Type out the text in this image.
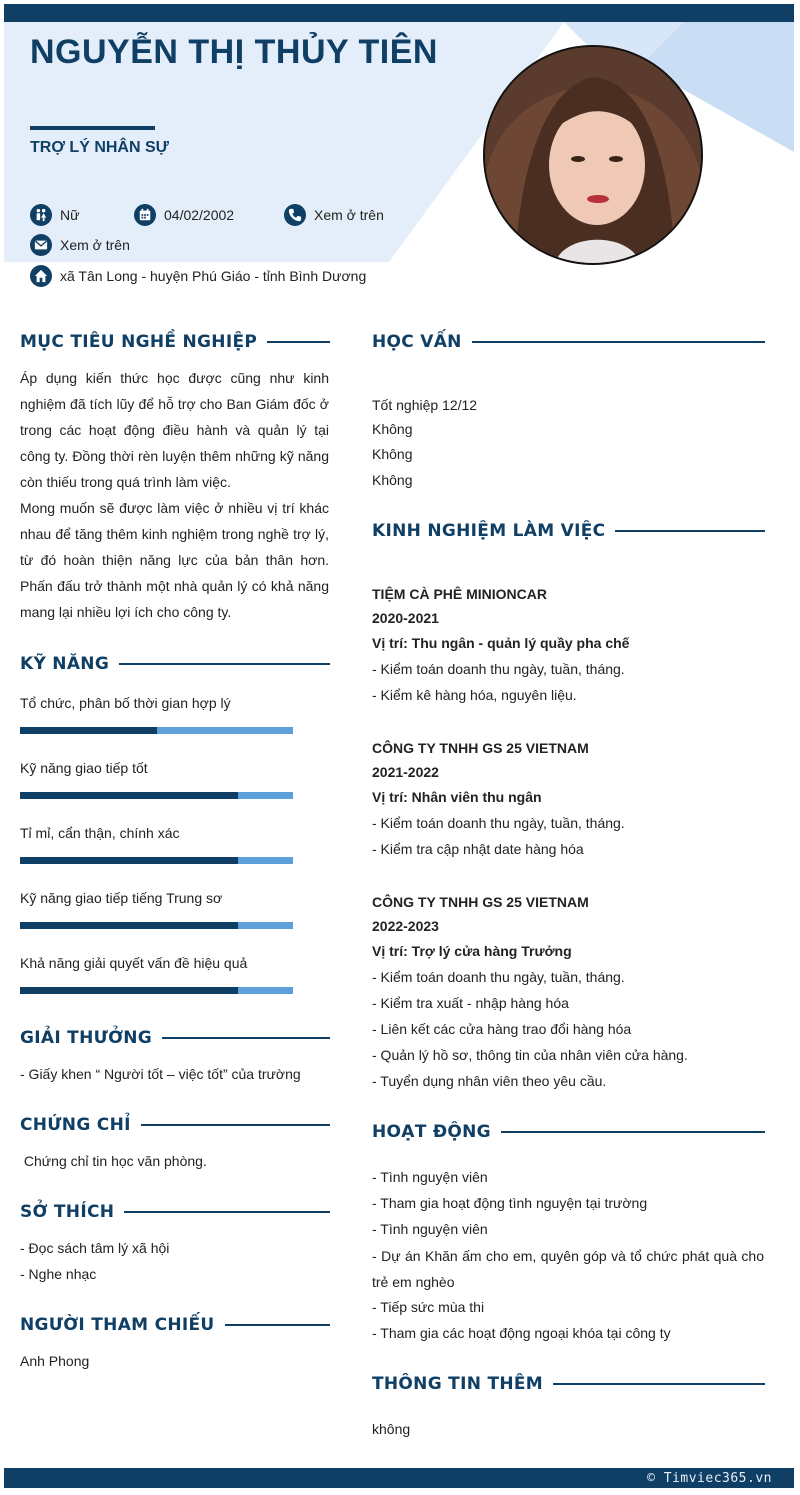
NGUYỄN THỊ THỦY TIÊN
TRỢ LÝ NHÂN SỰ
Nữ	04/02/2002	Xem ở trên
Xem ở trên
xã Tân Long - huyện Phú Giáo - tỉnh Bình Dương
MỤC TIÊU NGHỀ NGHIỆP
Áp dụng kiến thức học được cũng như kinh nghiệm đã tích lũy để hỗ trợ cho Ban Giám đốc ở trong các hoạt động điều hành và quản lý tại công ty. Đồng thời rèn luyện thêm những kỹ năng còn thiếu trong quá trình làm việc.
Mong muốn sẽ được làm việc ở nhiều vị trí khác nhau để tăng thêm kinh nghiệm trong nghề trợ lý, từ đó hoàn thiện năng lực của bản thân hơn. Phấn đấu trở thành một nhà quản lý có khả năng mang lại nhiều lợi ích cho công ty.
KỸ NĂNG
Tổ chức, phân bố thời gian hợp lý
Kỹ năng giao tiếp tốt
Tỉ mỉ, cẩn thận, chính xác
Kỹ năng giao tiếp tiếng Trung sơ
Khả năng giải quyết vấn đề hiệu quả
GIẢI THƯỞNG
- Giấy khen “ Người tốt – việc tốt” của trường
CHỨNG CHỈ
Chứng chỉ tin học văn phòng.
SỞ THÍCH
- Đọc sách tâm lý xã hội
- Nghe nhạc
NGƯỜI THAM CHIẾU
Anh Phong
HỌC VẤN
Tốt nghiệp 12/12
Không
Không
Không
KINH NGHIỆM LÀM VIỆC
TIỆM CÀ PHÊ MINIONCAR
2020-2021
Vị trí: Thu ngân - quản lý quầy pha chế
- Kiểm toán doanh thu ngày, tuần, tháng.
- Kiểm kê hàng hóa, nguyên liệu.
CÔNG TY TNHH GS 25 VIETNAM
2021-2022
Vị trí: Nhân viên thu ngân
- Kiểm toán doanh thu ngày, tuần, tháng.
- Kiểm tra cập nhật date hàng hóa
CÔNG TY TNHH GS 25 VIETNAM
2022-2023
Vị trí: Trợ lý cửa hàng Trưởng
- Kiểm toán doanh thu ngày, tuần, tháng.
- Kiểm tra xuất - nhập hàng hóa
- Liên kết các cửa hàng trao đổi hàng hóa
- Quản lý hồ sơ, thông tin của nhân viên cửa hàng.
- Tuyển dụng nhân viên theo yêu cầu.
HOẠT ĐỘNG
- Tình nguyện viên
- Tham gia hoạt động tình nguyện tại trường
- Tình nguyện viên
- Dự án Khăn ấm cho em, quyên góp và tổ chức phát quà cho trẻ em nghèo
- Tiếp sức mùa thi
- Tham gia các hoạt động ngoại khóa tại công ty
THÔNG TIN THÊM
không
© Timviec365.vn
